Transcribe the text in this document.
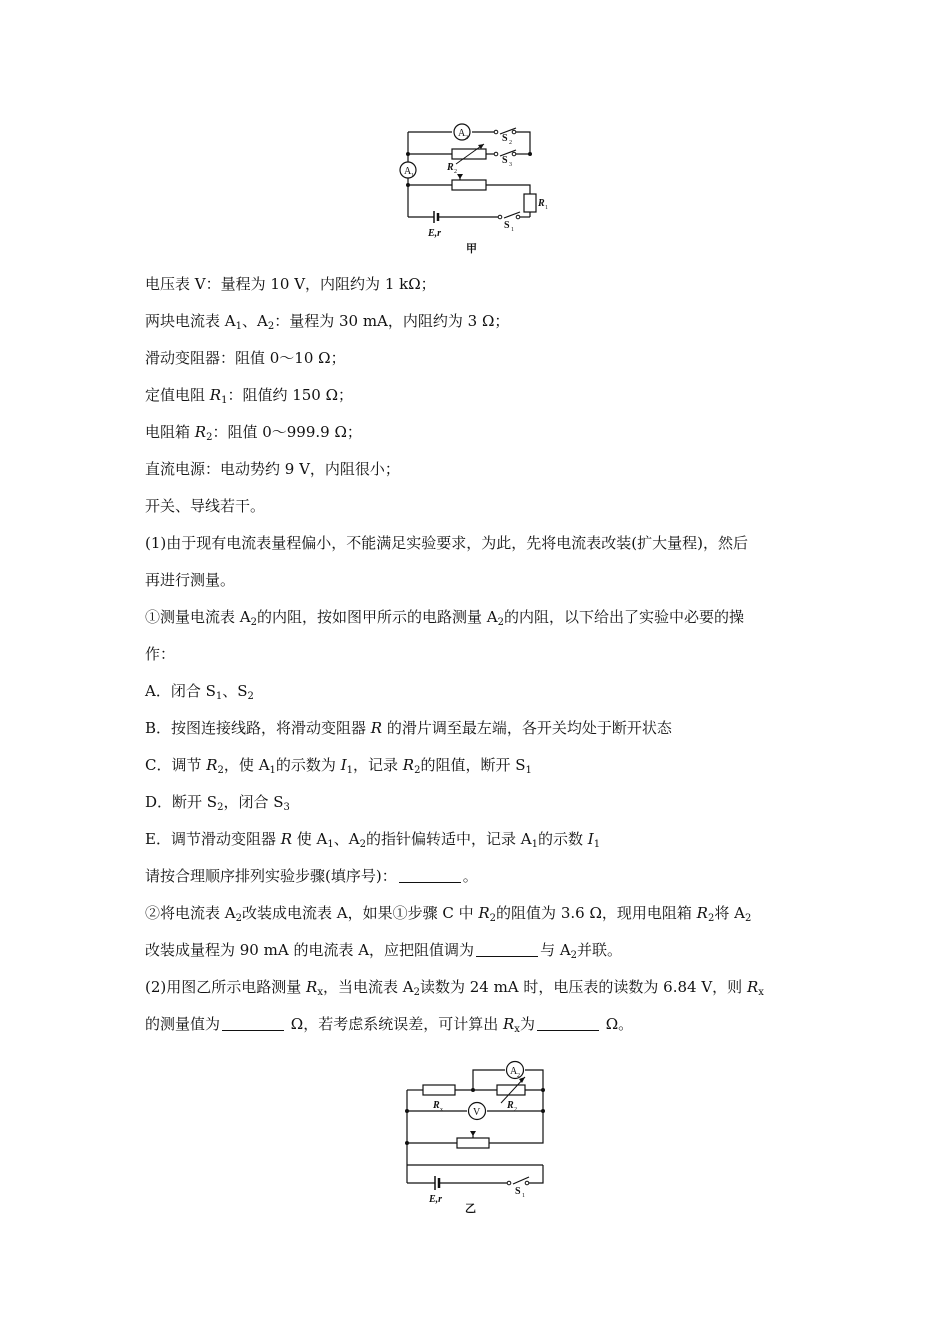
A 2
A 1
S 2
S 3
R 2
R 1
E,r
S 1
甲
电压表 V：量程为 10 V，内阻约为 1 kΩ；
两块电流表 $A_1$、$A_2$：量程为 30 mA，内阻约为 3 Ω；
滑动变阻器：阻值 0～10 Ω；
定值电阻 $R_1$：阻值约 150 Ω；
电阻箱 $R_2$：阻值 0～999.9 Ω；
直流电源：电动势约 9 V，内阻很小；
开关、导线若干。
(1)由于现有电流表量程偏小，不能满足实验要求，为此，先将电流表改装(扩大量程)，然后
再进行测量。
①测量电流表 $A_2$的内阻，按如图甲所示的电路测量 $A_2$的内阻，以下给出了实验中必要的操
作：
A．闭合 $S_1$、$S_2$
B．按图连接线路，将滑动变阻器 R 的滑片调至最左端，各开关均处于断开状态
C．调节 $R_2$，使 $A_1$的示数为 $I_1$，记录 $R_2$的阻值，断开 $S_1$
D．断开 $S_2$，闭合 $S_3$
E．调节滑动变阻器 R 使 $A_1$、$A_2$的指针偏转适中，记录 $A_1$的示数 $I_1$
请按合理顺序排列实验步骤(填序号)：	。
②将电流表 $A_2$改装成电流表 A，如果①步骤 C 中 $R_2$的阻值为 3.6 Ω，现用电阻箱 $R_2$将 $A_2$
改装成量程为 90 mA 的电流表 A，应把阻值调为	与 $A_2$并联。
(2)用图乙所示电路测量 $R_x$，当电流表 $A_2$读数为 24 mA 时，电压表的读数为 6.84 V，则 $R_x$
的测量值为	Ω，若考虑系统误差，可计算出 $R_x$为	Ω。
A 2
V
R x	R 2
E,r
S 1
乙
